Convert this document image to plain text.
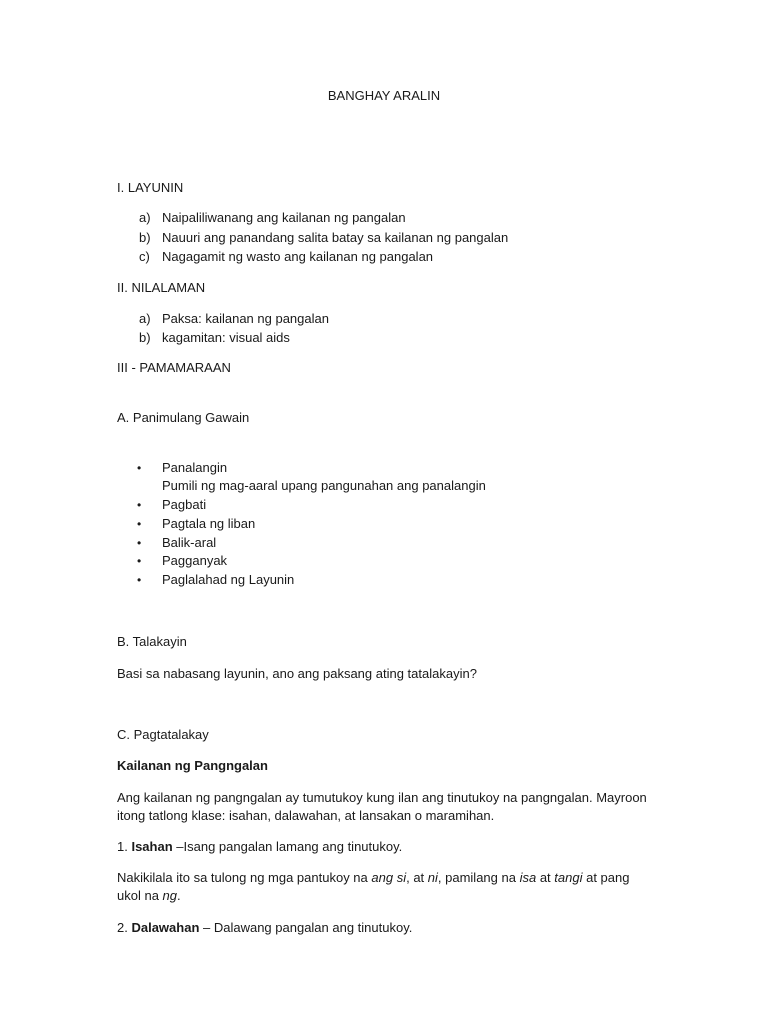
BANGHAY ARALIN
I. LAYUNIN
a) Naipaliliwanang ang kailanan ng pangalan
b) Nauuri ang panandang salita batay sa kailanan ng pangalan
c) Nagagamit ng wasto ang kailanan ng pangalan
II. NILALAMAN
a) Paksa: kailanan ng pangalan
b) kagamitan: visual aids
III - PAMAMARAAN
A. Panimulang Gawain
• Panalangin
Pumili ng mag-aaral upang pangunahan ang panalangin
• Pagbati
• Pagtala ng liban
• Balik-aral
• Pagganyak
• Paglalahad ng Layunin
B. Talakayin
Basi sa nabasang layunin, ano ang paksang ating tatalakayin?
C. Pagtatalakay
Kailanan ng Pangngalan
Ang kailanan ng pangngalan ay tumutukoy kung ilan ang tinutukoy na pangngalan. Mayroon
itong tatlong klase: isahan, dalawahan, at lansakan o maramihan.
1. Isahan –Isang pangalan lamang ang tinutukoy.
Nakikilala ito sa tulong ng mga pantukoy na ang si, at ni, pamilang na isa at tangi at pang
ukol na ng.
2. Dalawahan – Dalawang pangalan ang tinutukoy.
